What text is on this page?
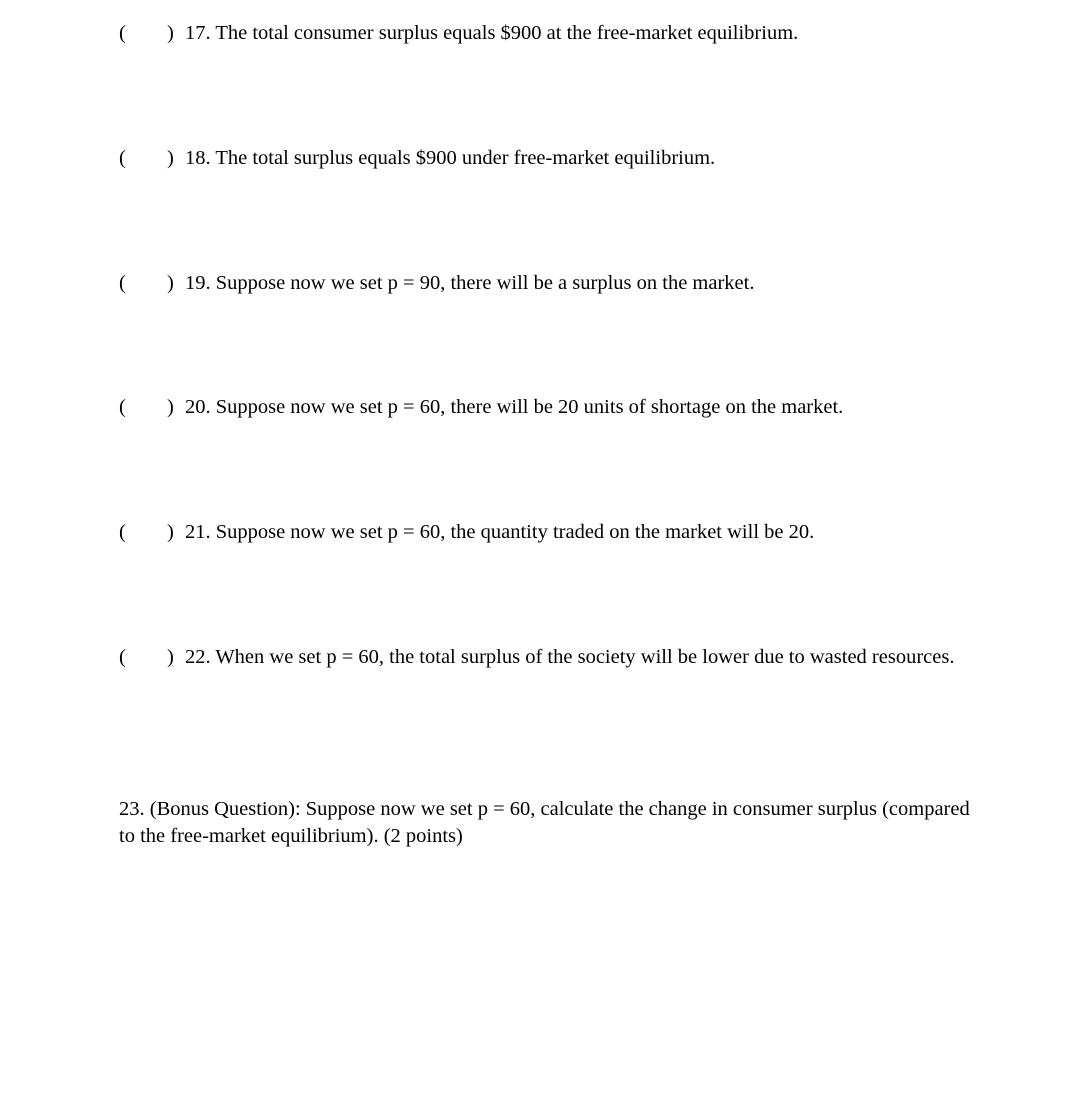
( ) 17. The total consumer surplus equals $900 at the free-market equilibrium.
( ) 18. The total surplus equals $900 under free-market equilibrium.
( ) 19. Suppose now we set p = 90, there will be a surplus on the market.
( ) 20. Suppose now we set p = 60, there will be 20 units of shortage on the market.
( ) 21. Suppose now we set p = 60, the quantity traded on the market will be 20.
( ) 22. When we set p = 60, the total surplus of the society will be lower due to wasted resources.
23. (Bonus Question): Suppose now we set p = 60, calculate the change in consumer surplus (compared to the free-market equilibrium). (2 points)
